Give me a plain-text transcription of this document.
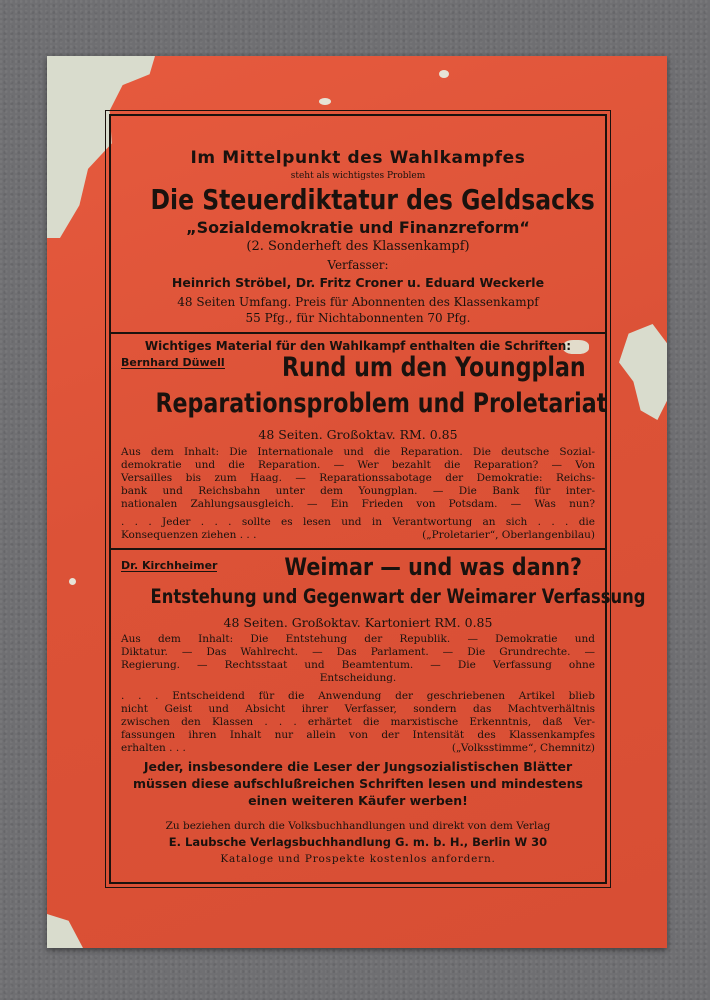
Im Mittelpunkt des Wahlkampfes
steht als wichtigstes Problem
Die Steuerdiktatur des Geldsacks
„Sozialdemokratie und Finanzreform“
(2. Sonderheft des Klassenkampf)
Verfasser:
Heinrich Ströbel, Dr. Fritz Croner u. Eduard Weckerle
48 Seiten Umfang. Preis für Abonnenten des Klassenkampf
55 Pfg., für Nichtabonnenten 70 Pfg.
Wichtiges Material für den Wahlkampf enthalten die Schriften:
Bernhard Düwell	Rund um den Youngplan
Reparationsproblem und Proletariat
48 Seiten. Großoktav. RM. 0.85
Aus dem Inhalt: Die Internationale und die Reparation. Die deutsche Sozial-
demokratie und die Reparation. — Wer bezahlt die Reparation? — Von
Versailles bis zum Haag. — Reparationssabotage der Demokratie: Reichs-
bank und Reichsbahn unter dem Youngplan. — Die Bank für inter-
nationalen Zahlungsausgleich. — Ein Frieden von Potsdam. — Was nun?
. . . Jeder . . . sollte es lesen und in Verantwortung an sich . . . die
Konsequenzen ziehen . . .	(„Proletarier“, Oberlangenbilau)
Dr. Kirchheimer	Weimar — und was dann?
Entstehung und Gegenwart der Weimarer Verfassung
48 Seiten. Großoktav. Kartoniert RM. 0.85
Aus dem Inhalt: Die Entstehung der Republik. — Demokratie und
Diktatur. — Das Wahlrecht. — Das Parlament. — Die Grundrechte. —
Regierung. — Rechtsstaat und Beamtentum. — Die Verfassung ohne
Entscheidung.
. . . Entscheidend für die Anwendung der geschriebenen Artikel blieb
nicht Geist und Absicht ihrer Verfasser, sondern das Machtverhältnis
zwischen den Klassen . . . erhärtet die marxistische Erkenntnis, daß Ver-
fassungen ihren Inhalt nur allein von der Intensität des Klassenkampfes
erhalten . . .	(„Volksstimme“, Chemnitz)
Jeder, insbesondere die Leser der Jungsozialistischen Blätter
müssen diese aufschlußreichen Schriften lesen und mindestens
einen weiteren Käufer werben!
Zu beziehen durch die Volksbuchhandlungen und direkt von dem Verlag
E. Laubsche Verlagsbuchhandlung G. m. b. H., Berlin W 30
Kataloge und Prospekte kostenlos anfordern.
